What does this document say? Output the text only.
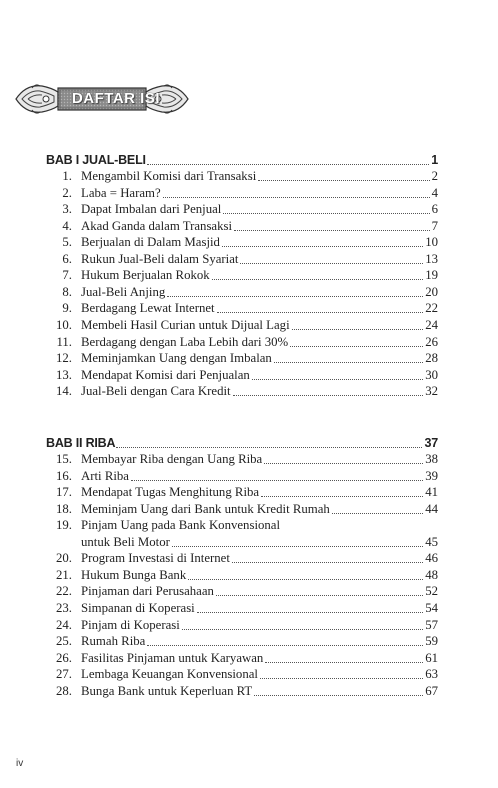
DAFTAR ISI
BAB I JUAL-BELI	1
1. Mengambil Komisi dari Transaksi	2
2. Laba = Haram?	4
3. Dapat Imbalan dari Penjual	6
4. Akad Ganda dalam Transaksi	7
5. Berjualan di Dalam Masjid	10
6. Rukun Jual-Beli dalam Syariat	13
7. Hukum Berjualan Rokok	19
8. Jual-Beli Anjing	20
9. Berdagang Lewat Internet	22
10. Membeli Hasil Curian untuk Dijual Lagi	24
11. Berdagang dengan Laba Lebih dari 30%	26
12. Meminjamkan Uang dengan Imbalan	28
13. Mendapat Komisi dari Penjualan	30
14. Jual-Beli dengan Cara Kredit	32
BAB II RIBA	37
15. Membayar Riba dengan Uang Riba	38
16. Arti Riba	39
17. Mendapat Tugas Menghitung Riba	41
18. Meminjam Uang dari Bank untuk Kredit Rumah	44
19. Pinjam Uang pada Bank Konvensional
untuk Beli Motor	45
20. Program Investasi di Internet	46
21. Hukum Bunga Bank	48
22. Pinjaman dari Perusahaan	52
23. Simpanan di Koperasi	54
24. Pinjam di Koperasi	57
25. Rumah Riba	59
26. Fasilitas Pinjaman untuk Karyawan	61
27. Lembaga Keuangan Konvensional	63
28. Bunga Bank untuk Keperluan RT	67
iv
